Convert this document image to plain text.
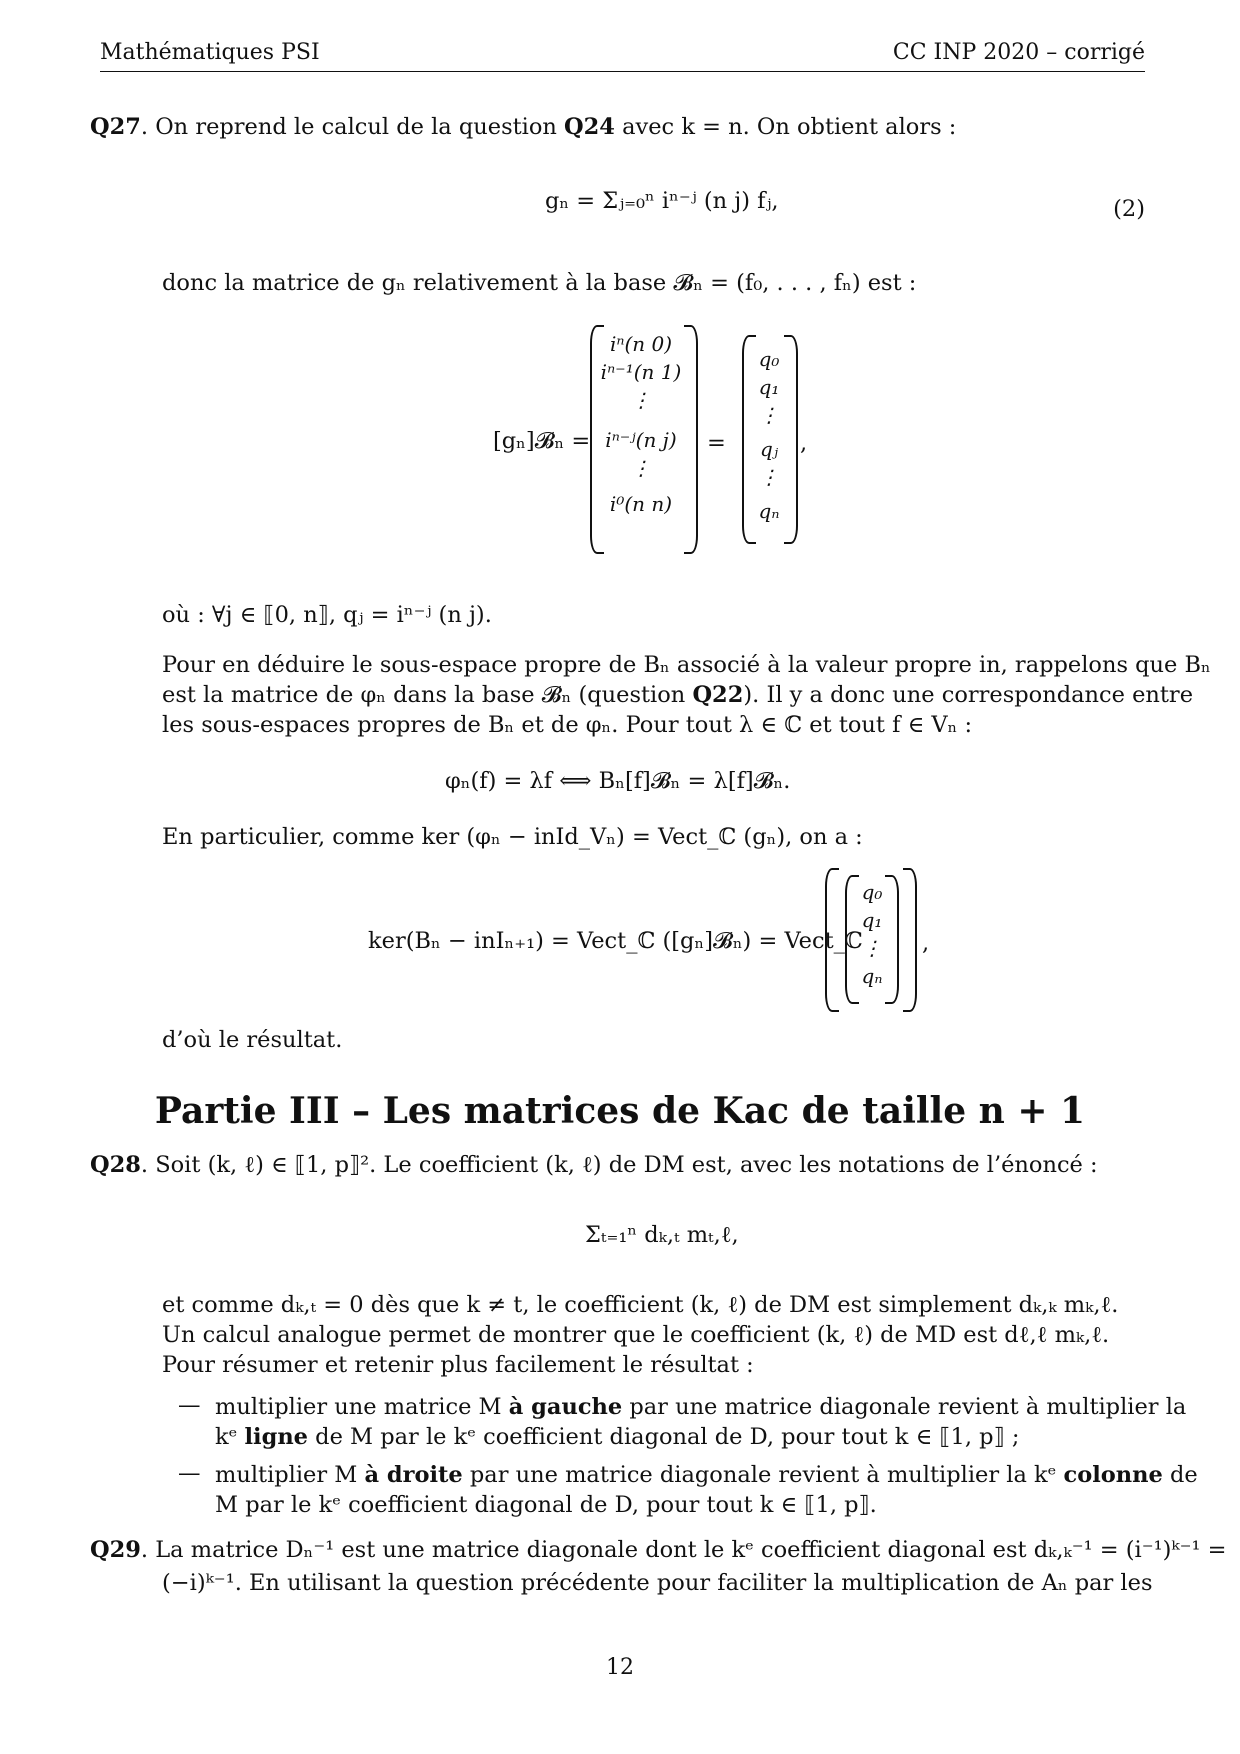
Mathématiques PSI	CC INP 2020 – corrigé
Q27. On reprend le calcul de la question Q24 avec k = n. On obtient alors :
gₙ = Σⱼ₌₀ⁿ iⁿ⁻ʲ (n j) fⱼ,	(2)
donc la matrice de gₙ relativement à la base 𝓑ₙ = (f₀, . . . , fₙ) est :
[gₙ]𝓑ₙ =
iⁿ(n 0)
iⁿ⁻¹(n 1)
⋮
iⁿ⁻ʲ(n j)
⋮
i⁰(n n)
=
q₀
q₁
⋮
qⱼ
⋮
qₙ
,
où : ∀j ∈ ⟦0, n⟧, qⱼ = iⁿ⁻ʲ (n j).
Pour en déduire le sous-espace propre de Bₙ associé à la valeur propre in, rappelons que Bₙ
est la matrice de φₙ dans la base 𝓑ₙ (question Q22). Il y a donc une correspondance entre
les sous-espaces propres de Bₙ et de φₙ. Pour tout λ ∈ ℂ et tout f ∈ Vₙ :
φₙ(f) = λf ⟺ Bₙ[f]𝓑ₙ = λ[f]𝓑ₙ.
En particulier, comme ker (φₙ − inId_Vₙ) = Vect_ℂ (gₙ), on a :
ker(Bₙ − inIₙ₊₁) = Vect_ℂ ([gₙ]𝓑ₙ) = Vect_ℂ
q₀
q₁
⋮
qₙ
,
d’où le résultat.
Partie III – Les matrices de Kac de taille n + 1
Q28. Soit (k, ℓ) ∈ ⟦1, p⟧². Le coefficient (k, ℓ) de DM est, avec les notations de l’énoncé :
Σₜ₌₁ⁿ dₖ,ₜ mₜ,ℓ,
et comme dₖ,ₜ = 0 dès que k ≠ t, le coefficient (k, ℓ) de DM est simplement dₖ,ₖ mₖ,ℓ.
Un calcul analogue permet de montrer que le coefficient (k, ℓ) de MD est dℓ,ℓ mₖ,ℓ.
Pour résumer et retenir plus facilement le résultat :
— multiplier une matrice M à gauche par une matrice diagonale revient à multiplier la
kᵉ ligne de M par le kᵉ coefficient diagonal de D, pour tout k ∈ ⟦1, p⟧ ;
— multiplier M à droite par une matrice diagonale revient à multiplier la kᵉ colonne de
M par le kᵉ coefficient diagonal de D, pour tout k ∈ ⟦1, p⟧.
Q29. La matrice Dₙ⁻¹ est une matrice diagonale dont le kᵉ coefficient diagonal est dₖ,ₖ⁻¹ = (i⁻¹)ᵏ⁻¹ =
(−i)ᵏ⁻¹. En utilisant la question précédente pour faciliter la multiplication de Aₙ par les
12
